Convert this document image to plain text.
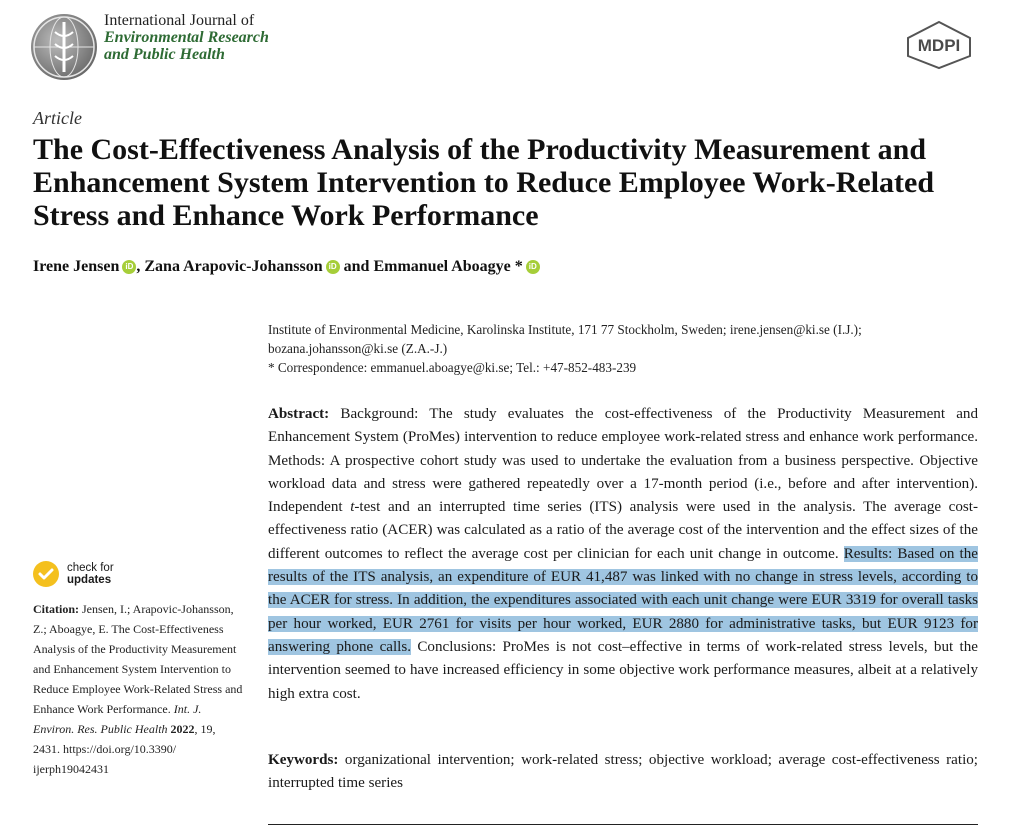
International Journal of
Environmental Research
and Public Health	MDPI
Article
The Cost-Effectiveness Analysis of the Productivity Measurement and Enhancement System Intervention to Reduce Employee Work-Related Stress and Enhance Work Performance
Irene Jensen iD , Zana Arapovic-Johansson iD and Emmanuel Aboagye * iD
Institute of Environmental Medicine, Karolinska Institute, 171 77 Stockholm, Sweden; irene.jensen@ki.se (I.J.);
bozana.johansson@ki.se (Z.A.-J.)
* Correspondence: emmanuel.aboagye@ki.se; Tel.: +47-852-483-239
Abstract: Background: The study evaluates the cost-effectiveness of the Productivity Measurement and Enhancement System (ProMes) intervention to reduce employee work-related stress and enhance work performance. Methods: A prospective cohort study was used to undertake the evaluation from a business perspective. Objective workload data and stress were gathered repeatedly over a 17-month period (i.e., before and after intervention). Independent t-test and an interrupted time series (ITS) analysis were used in the analysis. The average cost-effectiveness ratio (ACER) was calculated as a ratio of the average cost of the intervention and the effect sizes of the different outcomes to reflect the average cost per clinician for each unit change in outcome. Results: Based on the results of the ITS analysis, an expenditure of EUR 41,487 was linked with no change in stress levels, according to the ACER for stress. In addition, the expenditures associated with each unit change were EUR 3319 for overall tasks per hour worked, EUR 2761 for visits per hour worked, EUR 2880 for administrative tasks, but EUR 9123 for answering phone calls. Conclusions: ProMes is not cost–effective in terms of work-related stress levels, but the intervention seemed to have increased efficiency in some objective work performance measures, albeit at a relatively high extra cost.
Keywords: organizational intervention; work-related stress; objective workload; average cost-effectiveness ratio; interrupted time series
check for
updates
Citation: Jensen, I.; Arapovic-Johansson, Z.; Aboagye, E. The Cost-Effectiveness Analysis of the Productivity Measurement and Enhancement System Intervention to Reduce Employee Work-Related Stress and Enhance Work Performance. Int. J. Environ. Res. Public Health 2022, 19, 2431. https://doi.org/10.3390/ ijerph19042431
